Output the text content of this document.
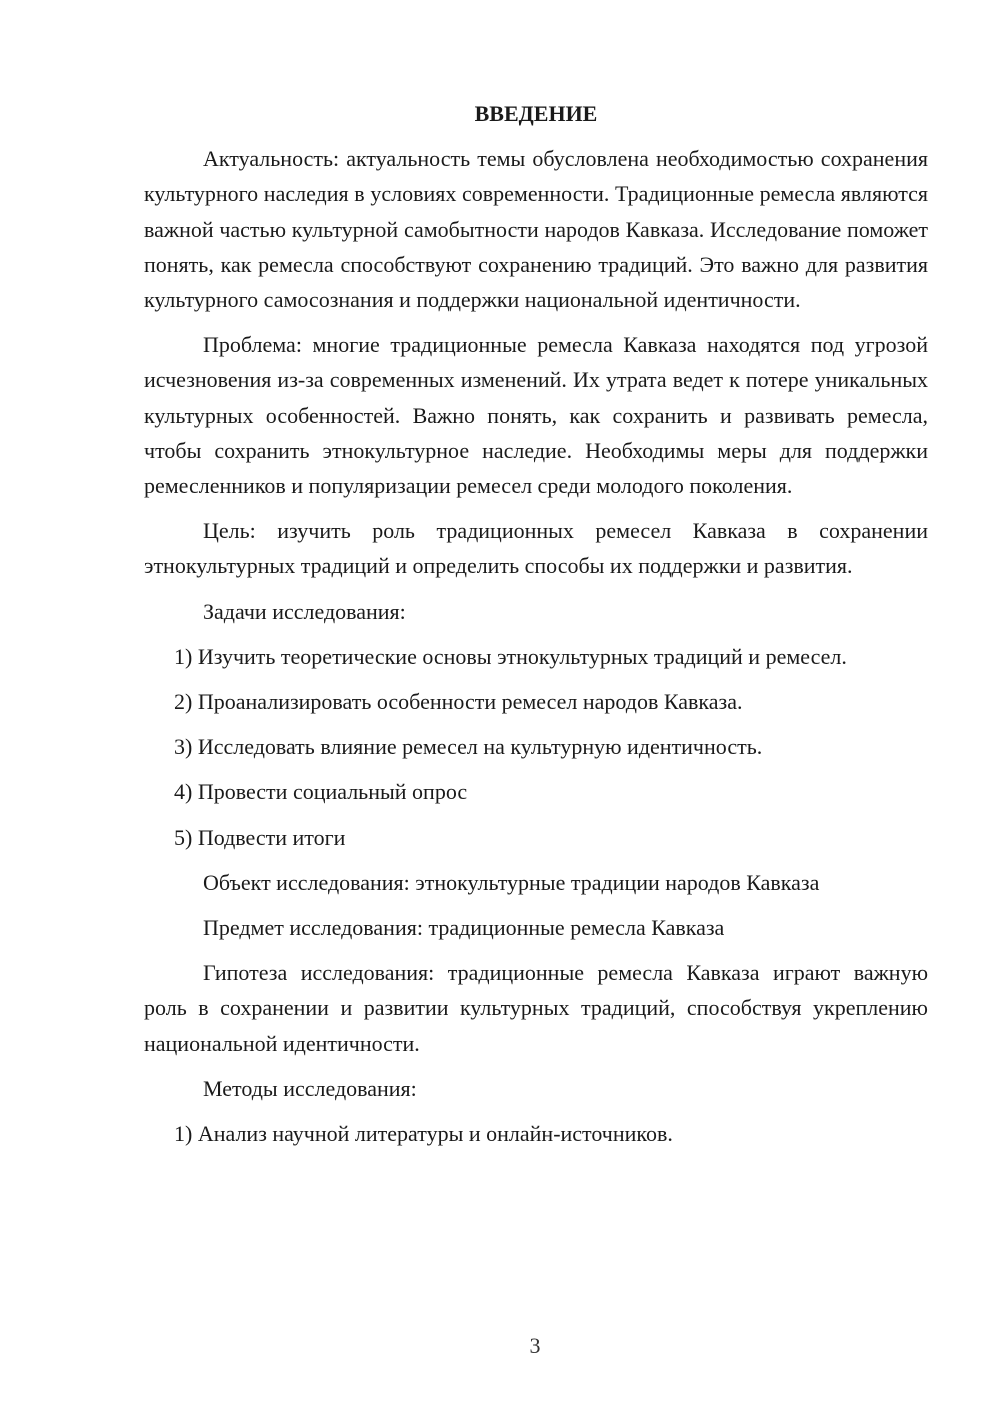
ВВЕДЕНИЕ
Актуальность: актуальность темы обусловлена необходимостью сохранения культурного наследия в условиях современности. Традиционные ремесла являются важной частью культурной самобытности народов Кавказа. Исследование поможет понять, как ремесла способствуют сохранению традиций. Это важно для развития культурного самосознания и поддержки национальной идентичности.
Проблема: многие традиционные ремесла Кавказа находятся под угрозой исчезновения из-за современных изменений. Их утрата ведет к потере уникальных культурных особенностей. Важно понять, как сохранить и развивать ремесла, чтобы сохранить этнокультурное наследие. Необходимы меры для поддержки ремесленников и популяризации ремесел среди молодого поколения.
Цель: изучить роль традиционных ремесел Кавказа в сохранении этнокультурных традиций и определить способы их поддержки и развития.
Задачи исследования:
1) Изучить теоретические основы этнокультурных традиций и ремесел.
2) Проанализировать особенности ремесел народов Кавказа.
3) Исследовать влияние ремесел на культурную идентичность.
4) Провести социальный опрос
5) Подвести итоги
Объект исследования: этнокультурные традиции народов Кавказа
Предмет исследования: традиционные ремесла Кавказа
Гипотеза исследования: традиционные ремесла Кавказа играют важную роль в сохранении и развитии культурных традиций, способствуя укреплению национальной идентичности.
Методы исследования:
1) Анализ научной литературы и онлайн-источников.
3
